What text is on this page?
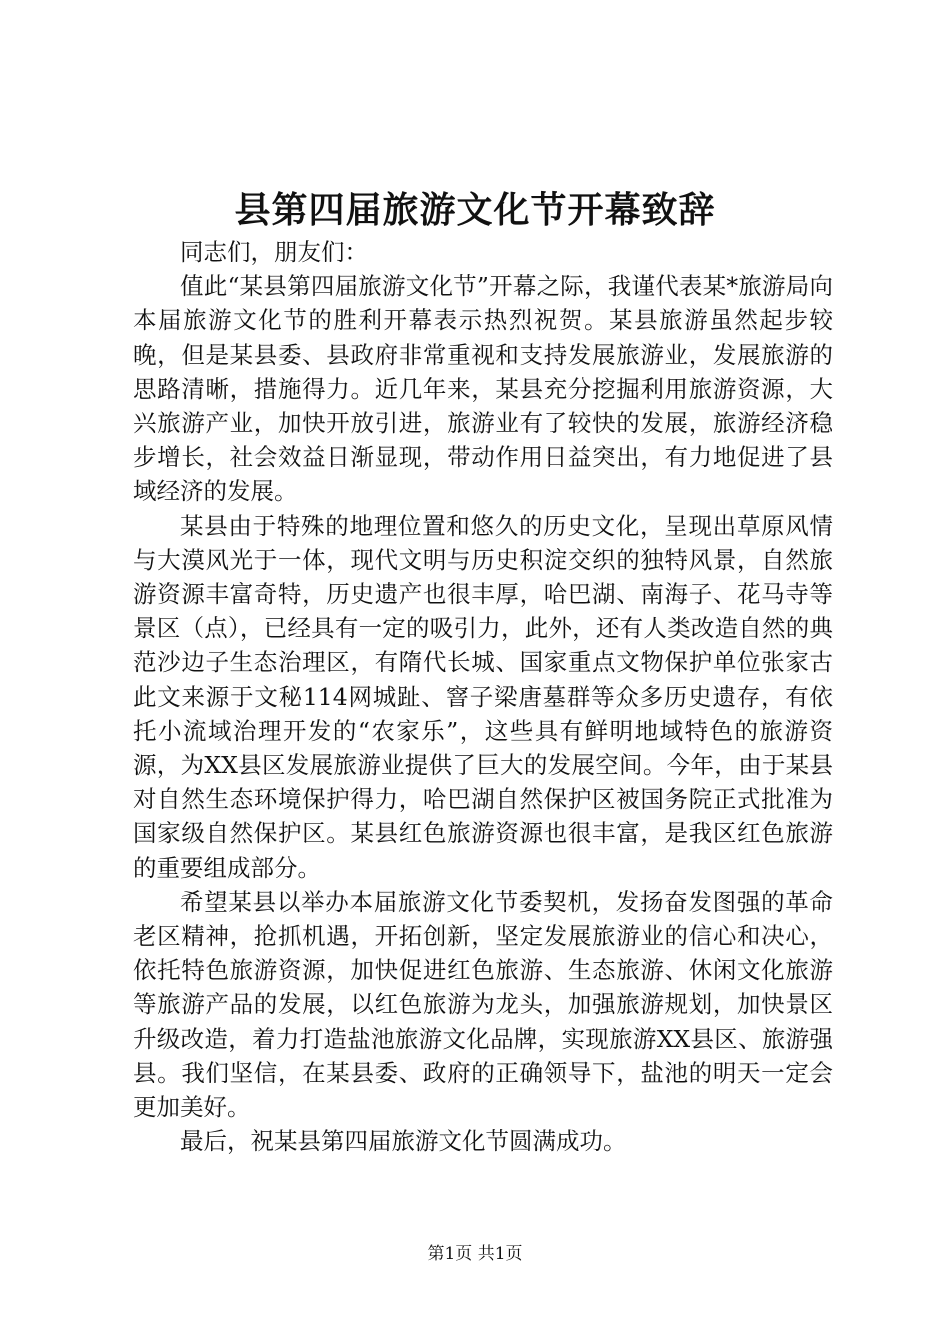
县第四届旅游文化节开幕致辞

同志们，朋友们：

值此“某县第四届旅游文化节”开幕之际，我谨代表某*旅游局向本届旅游文化节的胜利开幕表示热烈祝贺。某县旅游虽然起步较晚，但是某县委、县政府非常重视和支持发展旅游业，发展旅游的思路清晰，措施得力。近几年来，某县充分挖掘利用旅游资源，大兴旅游产业，加快开放引进，旅游业有了较快的发展，旅游经济稳步增长，社会效益日渐显现，带动作用日益突出，有力地促进了县域经济的发展。

某县由于特殊的地理位置和悠久的历史文化，呈现出草原风情与大漠风光于一体，现代文明与历史积淀交织的独特风景，自然旅游资源丰富奇特，历史遗产也很丰厚，哈巴湖、南海子、花马寺等景区（点），已经具有一定的吸引力，此外，还有人类改造自然的典范沙边子生态治理区，有隋代长城、国家重点文物保护单位张家古此文来源于文秘114网城趾、窨子梁唐墓群等众多历史遗存，有依托小流域治理开发的“农家乐”，这些具有鲜明地域特色的旅游资源，为XX县区发展旅游业提供了巨大的发展空间。今年，由于某县对自然生态环境保护得力，哈巴湖自然保护区被国务院正式批准为国家级自然保护区。某县红色旅游资源也很丰富，是我区红色旅游的重要组成部分。

希望某县以举办本届旅游文化节委契机，发扬奋发图强的革命老区精神，抢抓机遇，开拓创新，坚定发展旅游业的信心和决心，依托特色旅游资源，加快促进红色旅游、生态旅游、休闲文化旅游等旅游产品的发展，以红色旅游为龙头，加强旅游规划，加快景区升级改造，着力打造盐池旅游文化品牌，实现旅游XX县区、旅游强县。我们坚信，在某县委、政府的正确领导下，盐池的明天一定会更加美好。

最后，祝某县第四届旅游文化节圆满成功。

第1页 共1页
